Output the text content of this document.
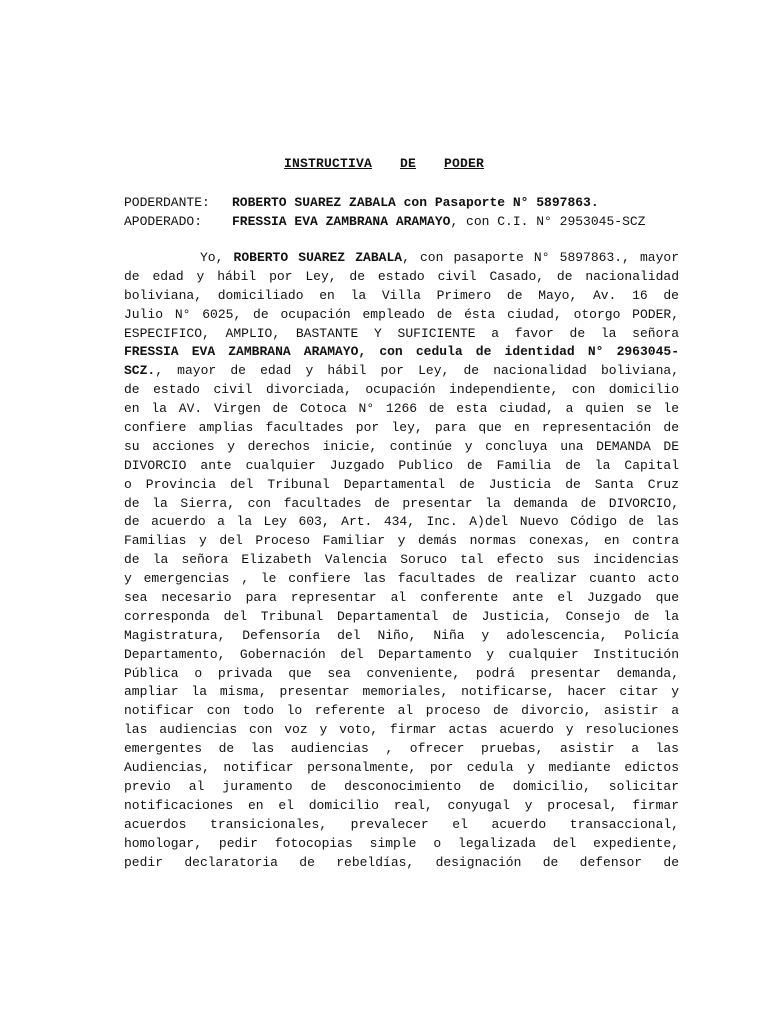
INSTRUCTIVA DE PODER
PODERDANTE: ROBERTO SUAREZ ZABALA con Pasaporte N° 5897863.
APODERADO: FRESSIA EVA ZAMBRANA ARAMAYO, con C.I. N° 2953045-SCZ
Yo, ROBERTO SUAREZ ZABALA, con pasaporte N° 5897863., mayor
de edad y hábil por Ley, de estado civil Casado, de nacionalidad
boliviana, domiciliado en la Villa Primero de Mayo, Av. 16 de
Julio N° 6025, de ocupación empleado de ésta ciudad, otorgo PODER,
ESPECIFICO, AMPLIO, BASTANTE Y SUFICIENTE a favor de la señora
FRESSIA EVA ZAMBRANA ARAMAYO, con cedula de identidad N° 2963045-
SCZ., mayor de edad y hábil por Ley, de nacionalidad boliviana,
de estado civil divorciada, ocupación independiente, con domicilio
en la AV. Virgen de Cotoca N° 1266 de esta ciudad, a quien se le
confiere amplias facultades por ley, para que en representación de
su acciones y derechos inicie, continúe y concluya una DEMANDA DE
DIVORCIO ante cualquier Juzgado Publico de Familia de la Capital
o Provincia del Tribunal Departamental de Justicia de Santa Cruz
de la Sierra, con facultades de presentar la demanda de DIVORCIO,
de acuerdo a la Ley 603, Art. 434, Inc. A)del Nuevo Código de las
Familias y del Proceso Familiar y demás normas conexas, en contra
de la señora Elizabeth Valencia Soruco tal efecto sus incidencias
y emergencias , le confiere las facultades de realizar cuanto acto
sea necesario para representar al conferente ante el Juzgado que
corresponda del Tribunal Departamental de Justicia, Consejo de la
Magistratura, Defensoría del Niño, Niña y adolescencia, Policía
Departamento, Gobernación del Departamento y cualquier Institución
Pública o privada que sea conveniente, podrá presentar demanda,
ampliar la misma, presentar memoriales, notificarse, hacer citar y
notificar con todo lo referente al proceso de divorcio, asistir a
las audiencias con voz y voto, firmar actas acuerdo y resoluciones
emergentes de las audiencias , ofrecer pruebas, asistir a las
Audiencias, notificar personalmente, por cedula y mediante edictos
previo al juramento de desconocimiento de domicilio, solicitar
notificaciones en el domicilio real, conyugal y procesal, firmar
acuerdos transicionales, prevalecer el acuerdo transaccional,
homologar, pedir fotocopias simple o legalizada del expediente,
pedir declaratoria de rebeldías, designación de defensor de
